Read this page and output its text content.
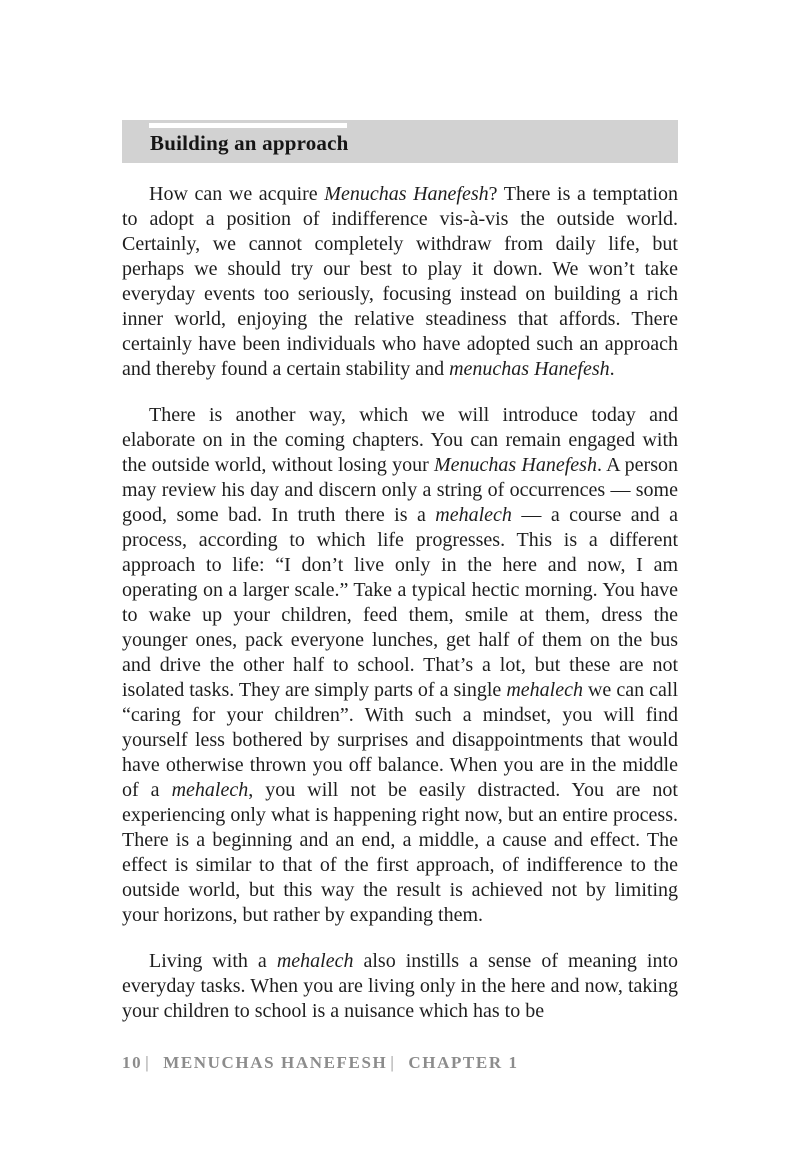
Building an approach

How can we acquire Menuchas Hanefesh? There is a temptation to adopt a position of indifference vis-à-vis the outside world. Certainly, we cannot completely withdraw from daily life, but perhaps we should try our best to play it down. We won’t take everyday events too seriously, focusing instead on building a rich inner world, enjoying the relative steadiness that affords. There certainly have been individuals who have adopted such an approach and thereby found a certain stability and menuchas Hanefesh.

There is another way, which we will introduce today and elaborate on in the coming chapters. You can remain engaged with the outside world, without losing your Menuchas Hanefesh. A person may review his day and discern only a string of occurrences — some good, some bad. In truth there is a mehalech — a course and a process, according to which life progresses. This is a different approach to life: “I don’t live only in the here and now, I am operating on a larger scale.” Take a typical hectic morning. You have to wake up your children, feed them, smile at them, dress the younger ones, pack everyone lunches, get half of them on the bus and drive the other half to school. That’s a lot, but these are not isolated tasks. They are simply parts of a single mehalech we can call “caring for your children”. With such a mindset, you will find yourself less bothered by surprises and disappointments that would have otherwise thrown you off balance. When you are in the middle of a mehalech, you will not be easily distracted. You are not experiencing only what is happening right now, but an entire process. There is a beginning and an end, a middle, a cause and effect. The effect is similar to that of the first approach, of indifference to the outside world, but this way the result is achieved not by limiting your horizons, but rather by expanding them.

Living with a mehalech also instills a sense of meaning into everyday tasks. When you are living only in the here and now, taking your children to school is a nuisance which has to be

10 | MENUCHAS HANEFESH | CHAPTER 1
